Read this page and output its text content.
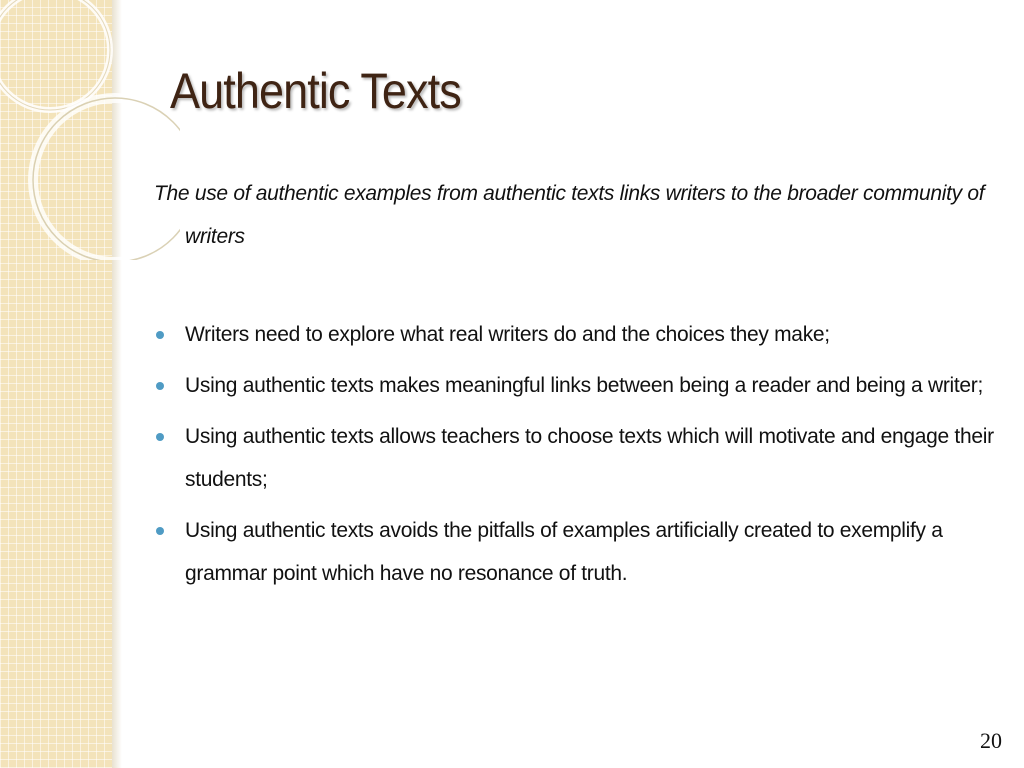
Authentic Texts

The use of authentic examples from authentic texts links writers to the broader community of writers

Writers need to explore what real writers do and the choices they make;
Using authentic texts makes meaningful links between being a reader and being a writer;
Using authentic texts allows teachers to choose texts which will motivate and engage their students;
Using authentic texts avoids the pitfalls of examples artificially created to exemplify a grammar point which have no resonance of truth.

20
